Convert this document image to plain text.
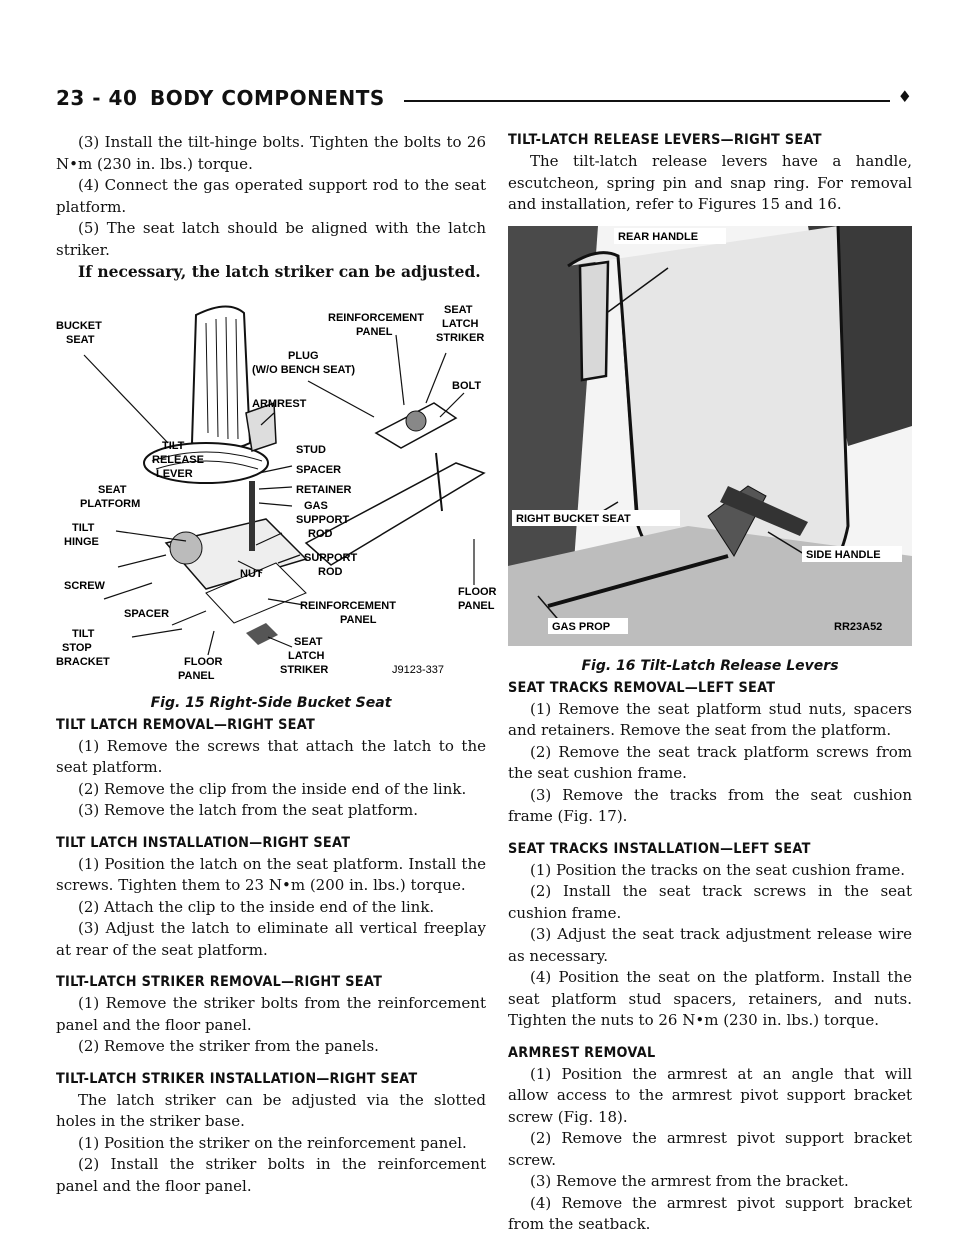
23 - 40 BODY COMPONENTS	♦

(3) Install the tilt-hinge bolts. Tighten the bolts to 26 N•m (230 in. lbs.) torque.

(4) Connect the gas operated support rod to the seat platform.

(5) The seat latch should be aligned with the latch striker.

If necessary, the latch striker can be adjusted.

BUCKET
SEAT
REINFORCEMENT
PANEL
SEAT
LATCH
STRIKER
PLUG
(W/O BENCH SEAT)
BOLT
ARMREST
STUD
TILT
RELEASE
LEVER	SPACER
RETAINER
SEAT
PLATFORM	GAS
SUPPORT
ROD
TILT
HINGE
SUPPORT
ROD
NUT
FLOOR
PANEL
SCREW
REINFORCEMENT
PANEL
SPACER
TILT
STOP
BRACKET
SEAT
LATCH
STRIKER
FLOOR
PANEL	J9123-337
Fig. 15 Right-Side Bucket Seat
TILT LATCH REMOVAL—RIGHT SEAT

(1) Remove the screws that attach the latch to the seat platform.

(2) Remove the clip from the inside end of the link.

(3) Remove the latch from the seat platform.

TILT LATCH INSTALLATION—RIGHT SEAT

(1) Position the latch on the seat platform. Install the screws. Tighten them to 23 N•m (200 in. lbs.) torque.

(2) Attach the clip to the inside end of the link.

(3) Adjust the latch to eliminate all vertical freeplay at rear of the seat platform.

TILT-LATCH STRIKER REMOVAL—RIGHT SEAT

(1) Remove the striker bolts from the reinforcement panel and the floor panel.

(2) Remove the striker from the panels.

TILT-LATCH STRIKER INSTALLATION—RIGHT SEAT

The latch striker can be adjusted via the slotted holes in the striker base.

(1) Position the striker on the reinforcement panel.

(2) Install the striker bolts in the reinforcement panel and the floor panel.

TILT-LATCH RELEASE LEVERS—RIGHT SEAT

The tilt-latch release levers have a handle, escutcheon, spring pin and snap ring. For removal and installation, refer to Figures 15 and 16.

REAR HANDLE
RIGHT BUCKET SEAT
SIDE HANDLE
GAS PROP	RR23A52
Fig. 16 Tilt-Latch Release Levers
SEAT TRACKS REMOVAL—LEFT SEAT

(1) Remove the seat platform stud nuts, spacers and retainers. Remove the seat from the platform.

(2) Remove the seat track platform screws from the seat cushion frame.

(3) Remove the tracks from the seat cushion frame (Fig. 17).

SEAT TRACKS INSTALLATION—LEFT SEAT

(1) Position the tracks on the seat cushion frame.

(2) Install the seat track screws in the seat cushion frame.

(3) Adjust the seat track adjustment release wire as necessary.

(4) Position the seat on the platform. Install the seat platform stud spacers, retainers, and nuts. Tighten the nuts to 26 N•m (230 in. lbs.) torque.

ARMREST REMOVAL

(1) Position the armrest at an angle that will allow access to the armrest pivot support bracket screw (Fig. 18).

(2) Remove the armrest pivot support bracket screw.

(3) Remove the armrest from the bracket.

(4) Remove the armrest pivot support bracket from the seatback.
